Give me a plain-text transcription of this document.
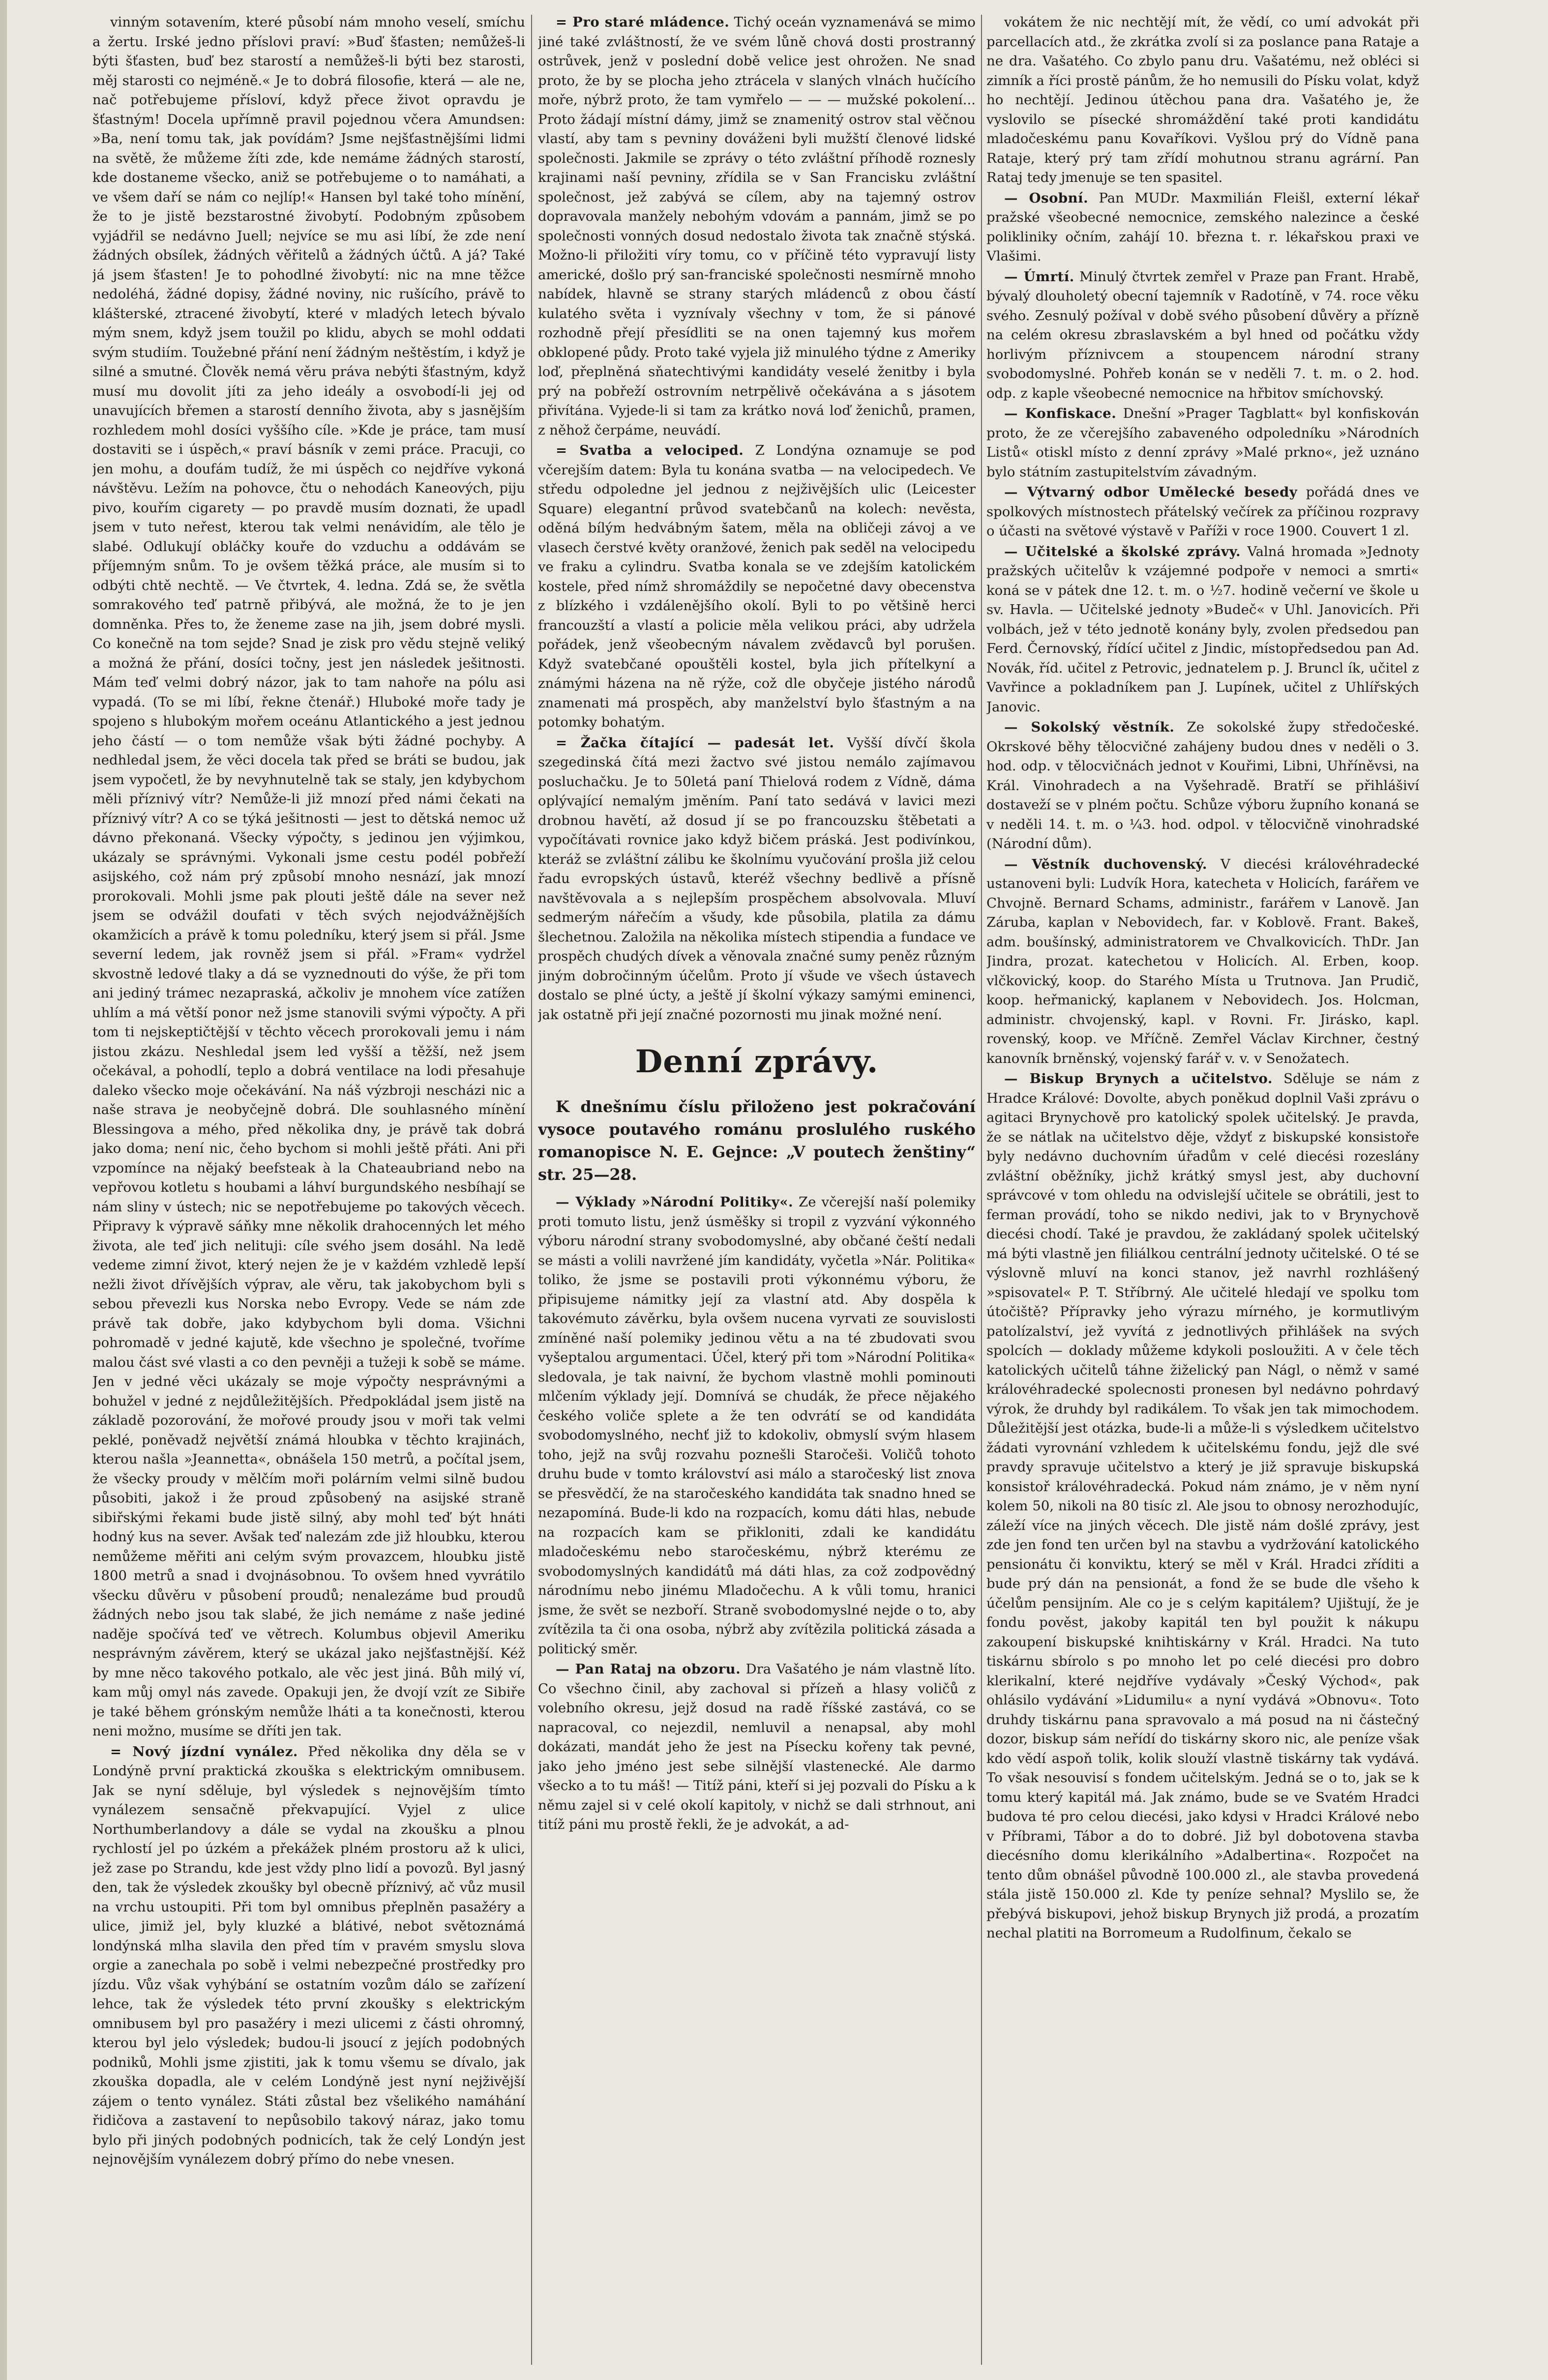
vinným sotavením, které působí nám mnoho veselí, smíchu a žertu. Irské jedno příslovi praví: »Buď šťasten; nemůžeš-li býti šťasten, buď bez starostí a nemůžeš-li býti bez starosti, měj starosti co nejméně.« Je to dobrá filosofie, která — ale ne, nač potřebujeme přísloví, když přece život opravdu je šťastným! Docela upřímně pravil pojednou včera Amundsen: »Ba, není tomu tak, jak povídám? Jsme nejšťastnějšími lidmi na světě, že můžeme žíti zde, kde nemáme žádných starostí, kde dostaneme všecko, aniž se potřebujeme o to namáhati, a ve všem daří se nám co nejlíp!« Hansen byl také toho mínění, že to je jistě bezstarostné živobytí. Podobným způsobem vyjádřil se nedávno Juell; nejvíce se mu asi líbí, že zde není žádných obsílek, žádných věřitelů a žádných účtů. A já? Také já jsem šťasten! Je to pohodlné živobytí: nic na mne těžce nedoléhá, žádné dopisy, žádné noviny, nic rušícího, právě to klášterské, ztracené živobytí, které v mladých letech bývalo mým snem, když jsem toužil po klidu, abych se mohl oddati svým studiím. Toužebné přání není žádným neštěstím, i když je silné a smutné. Člověk nemá věru práva nebýti šťastným, když musí mu dovolit jíti za jeho ideály a osvobodí-li jej od unavujících břemen a starostí denního života, aby s jasnějším rozhledem mohl dosíci vyššího cíle. »Kde je práce, tam musí dostaviti se i úspěch,« praví básník v zemi práce. Pracuji, co jen mohu, a doufám tudíž, že mi úspěch co nejdříve vykoná návštěvu. Ležím na pohovce, čtu o nehodách Kaneových, piju pivo, kouřím cigarety — po pravdě musím doznati, že upadl jsem v tuto neřest, kterou tak velmi nenávidím, ale tělo je slabé. Odlukují obláčky kouře do vzduchu a oddávám se příjemným snům. To je ovšem těžká práce, ale musím si to odbýti chtě nechtě. — Ve čtvrtek, 4. ledna. Zdá se, že světla somrakového teď patrně přibývá, ale možná, že to je jen domněnka. Přes to, že ženeme zase na jih, jsem dobré mysli. Co konečně na tom sejde? Snad je zisk pro vědu stejně veliký a možná že přání, dosíci točny, jest jen následek ješitnosti. Mám teď velmi dobrý názor, jak to tam nahoře na pólu asi vypadá. (To se mi líbí, řekne čtenář.) Hluboké moře tady je spojeno s hlubokým mořem oceánu Atlantického a jest jednou jeho částí — o tom nemůže však býti žádné pochyby. A nedhledal jsem, že věci docela tak před se bráti se budou, jak jsem vypočetl, že by nevyhnutelně tak se staly, jen kdybychom měli příznivý vítr? Nemůže-li již mnozí před námi čekati na příznivý vítr? A co se týká ješitnosti — jest to dětská nemoc už dávno překonaná. Všecky výpočty, s jedinou jen výjimkou, ukázaly se správnými. Vykonali jsme cestu podél pobřeží asijského, což nám prý způsobí mnoho nesnází, jak mnozí prorokovali. Mohli jsme pak plouti ještě dále na sever než jsem se odvážil doufati v těch svých nejodvážnějších okamžicích a právě k tomu poledníku, který jsem si přál. Jsme severní ledem, jak rovněž jsem si přál. »Fram« vydržel skvostně ledové tlaky a dá se vyznednouti do výše, že při tom ani jediný trámec nezapraská, ačkoliv je mnohem více zatížen uhlím a má větší ponor než jsme stanovili svými výpočty. A při tom ti nejskeptičtější v těchto věcech prorokovali jemu i nám jistou zkázu. Neshledal jsem led vyšší a těžší, než jsem očekával, a pohodlí, teplo a dobrá ventilace na lodi přesahuje daleko všecko moje očekávání. Na náš výzbroji nescházi nic a naše strava je neobyčejně dobrá. Dle souhlasného mínění Blessingova a mého, před několika dny, je právě tak dobrá jako doma; není nic, čeho bychom si mohli ještě přáti. Ani při vzpomínce na nějaký beefsteak à la Chateaubriand nebo na vepřovou kotletu s houbami a láhví burgundského nesbíhají se nám sliny v ústech; nic se nepotřebujeme po takových věcech. Připravy k výpravě sáňky mne několik drahocenných let mého života, ale teď jich nelituji: cíle svého jsem dosáhl. Na ledě vedeme zimní život, který nejen že je v každém vzhledě lepší nežli život dřívějších výprav, ale věru, tak jakobychom byli s sebou převezli kus Norska nebo Evropy. Vede se nám zde právě tak dobře, jako kdybychom byli doma. Všichni pohromadě v jedné kajutě, kde všechno je společné, tvoříme malou část své vlasti a co den pevněji a tužeji k sobě se máme. Jen v jedné věci ukázaly se moje výpočty nesprávnými a bohužel v jedné z nejdůležitějších. Předpokládal jsem jistě na základě pozorování, že mořové proudy jsou v moři tak velmi peklé, poněvadž největší známá hloubka v těchto krajinách, kterou našla »Jeannetta«, obnášela 150 metrů, a počítal jsem, že všecky proudy v mělčím moři polárním velmi silně budou působiti, jakož i že proud způsobený na asijské straně sibiřskými řekami bude jistě silný, aby mohl teď být hnáti hodný kus na sever. Avšak teď nalezám zde již hloubku, kterou nemůžeme měřiti ani celým svým provazcem, hloubku jistě 1800 metrů a snad i dvojnásobnou. To ovšem hned vyvrátilo všecku důvěru v působení proudů; nenalezáme bud proudů žádných nebo jsou tak slabé, že jich nemáme z naše jediné naděje spočívá teď ve větrech. Kolumbus objevil Ameriku nesprávným závěrem, který se ukázal jako nejšťastnější. Kéž by mne něco takového potkalo, ale věc jest jiná. Bůh milý ví, kam můj omyl nás zavede. Opakuji jen, že dvojí vzít ze Sibiře je také během grónským nemůže lháti a ta konečnosti, kterou neni možno, musíme se dříti jen tak.

= Nový jízdní vynález. Před několika dny děla se v Londýně první praktická zkouška s elektrickým omnibusem. Jak se nyní sděluje, byl výsledek s nejnovějším tímto vynálezem sensačně překvapující. Vyjel z ulice Northumberlandovy a dále se vydal na zkoušku a plnou rychlostí jel po úzkém a překážek plném prostoru až k ulici, jež zase po Strandu, kde jest vždy plno lidí a povozů. Byl jasný den, tak že výsledek zkoušky byl obecně příznivý, ač vůz musil na vrchu ustoupiti. Při tom byl omnibus přeplněn pasažéry a ulice, jimiž jel, byly kluzké a blátivé, nebot světoznámá londýnská mlha slavila den před tím v pravém smyslu slova orgie a zanechala po sobě i velmi nebezpečné prostředky pro jízdu. Vůz však vyhýbání se ostatním vozům dálo se zařízení lehce, tak že výsledek této první zkoušky s elektrickým omnibusem byl pro pasažéry i mezi ulicemi z části ohromný, kterou byl jelo výsledek; budou-li jsoucí z jejích podobných podniků, Mohli jsme zjistiti, jak k tomu všemu se dívalo, jak zkouška dopadla, ale v celém Londýně jest nyní nejživější zájem o tento vynález. Státi zůstal bez všelikého namáhání řidičova a zastavení to nepůsobilo takový náraz, jako tomu bylo při jiných podobných podnicích, tak že celý Londýn jest nejnovějším vynálezem dobrý přímo do nebe vnesen.

= Pro staré mládence. Tichý oceán vyznamenává se mimo jiné také zvláštností, že ve svém lůně chová dosti prostranný ostrůvek, jenž v poslední době velice jest ohrožen. Ne snad proto, že by se plocha jeho ztrácela v slaných vlnách hučícího moře, nýbrž proto, že tam vymřelo — — — mužské pokolení... Proto žádají místní dámy, jimž se znamenitý ostrov stal věčnou vlastí, aby tam s pevniny dováženi byli mužští členové lidské společnosti. Jakmile se zprávy o této zvláštní příhodě roznesly krajinami naší pevniny, zřídila se v San Francisku zvláštní společnost, jež zabývá se cílem, aby na tajemný ostrov dopravovala manžely nebohým vdovám a pannám, jimž se po společnosti vonných dosud nedostalo života tak značně stýská. Možno-li přiložiti víry tomu, co v příčině této vypravují listy americké, došlo prý san-franciské společnosti nesmírně mnoho nabídek, hlavně se strany starých mládenců z obou částí kulatého světa i vyznívaly všechny v tom, že si pánové rozhodně přejí přesídliti se na onen tajemný kus mořem obklopené půdy. Proto také vyjela již minulého týdne z Ameriky loď, přeplněná sňatechtivými kandidáty veselé ženitby i byla prý na pobřeží ostrovním netrpělivě očekávána a s jásotem přivítána. Vyjede-li si tam za krátko nová loď ženichů, pramen, z něhož čerpáme, neuvádí.

= Svatba a velociped. Z Londýna oznamuje se pod včerejším datem: Byla tu konána svatba — na velocipedech. Ve středu odpoledne jel jednou z nejživějších ulic (Leicester Square) elegantní průvod svatebčanů na kolech: nevěsta, oděná bílým hedvábným šatem, měla na obličeji závoj a ve vlasech čerstvé květy oranžové, ženich pak seděl na velocipedu ve fraku a cylindru. Svatba konala se ve zdejším katolickém kostele, před nímž shromáždily se nepočetné davy obecenstva z blízkého i vzdálenějšího okolí. Byli to po většině herci francouzští a vlastí a policie měla velikou práci, aby udržela pořádek, jenž všeobecným návalem zvědavců byl porušen. Když svatebčané opouštěli kostel, byla jich přítelkyní a známými házena na ně rýže, což dle obyčeje jistého národů znamenati má prospěch, aby manželství bylo šťastným a na potomky bohatým.

= Žačka čítající — padesát let. Vyšší dívčí škola szegedinská čítá mezi žactvo své jistou nemálo zajímavou posluchačku. Je to 50letá paní Thielová rodem z Vídně, dáma oplývající nemalým jměním. Paní tato sedává v lavici mezi drobnou havětí, až dosud jí se po francouzsku štěbetati a vypočítávati rovnice jako když bičem práská. Jest podivínkou, kteráž se zvláštní zálibu ke školnímu vyučování prošla již celou řadu evropských ústavů, kteréž všechny bedlivě a přísně navštěvovala a s nejlepším prospěchem absolvovala. Mluví sedmerým nářečím a všudy, kde působila, platila za dámu šlechetnou. Založila na několika místech stipendia a fundace ve prospěch chudých dívek a věnovala značné sumy peněz různým jiným dobročinným účelům. Proto jí všude ve všech ústavech dostalo se plné úcty, a ještě jí školní výkazy samými eminenci, jak ostatně při její značné pozornosti mu jinak možné není.

Denní zprávy.
K dnešnímu číslu přiloženo jest pokračování vysoce poutavého románu proslulého ruského romanopisce N. E. Gejnce: „V poutech ženštiny“ str. 25—28.

— Výklady »Národní Politiky«. Ze včerejší naší polemiky proti tomuto listu, jenž úsměšky si tropil z vyzvání výkonného výboru národní strany svobodomyslné, aby občané čeští nedali se másti a volili navržené jím kandidáty, vyčetla »Nár. Politika« toliko, že jsme se postavili proti výkonnému výboru, že připisujeme námitky její za vlastní atd. Aby dospěla k takovémuto závěrku, byla ovšem nucena vyrvati ze souvislosti zmíněné naší polemiky jedinou větu a na té zbudovati svou vyšeptalou argumentaci. Účel, který při tom »Národní Politika« sledovala, je tak naivní, že bychom vlastně mohli pominouti mlčením výklady její. Domnívá se chudák, že přece nějakého českého voliče splete a že ten odvrátí se od kandidáta svobodomyslného, nechť již to kdokoliv, obmyslí svým hlasem toho, jejž na svůj rozvahu poznešli Staročeši. Voličů tohoto druhu bude v tomto království asi málo a staročeský list znova se přesvědčí, že na staročeského kandidáta tak snadno hned se nezapomíná. Bude-li kdo na rozpacích, komu dáti hlas, nebude na rozpacích kam se přikloniti, zdali ke kandidátu mladočeskému nebo staročeskému, nýbrž kterému ze svobodomyslných kandidátů má dáti hlas, za což zodpovědný národnímu nebo jinému Mladočechu. A k vůli tomu, hranici jsme, že svět se nezboří. Straně svobodomyslné nejde o to, aby zvítězila ta či ona osoba, nýbrž aby zvítězila politická zásada a politický směr.

— Pan Rataj na obzoru. Dra Vašatého je nám vlastně líto. Co všechno činil, aby zachoval si přízeň a hlasy voličů z volebního okresu, jejž dosud na radě říšské zastává, co se napracoval, co nejezdil, nemluvil a nenapsal, aby mohl dokázati, mandát jeho že jest na Písecku kořeny tak pevné, jako jeho jméno jest sebe silnější vlastenecké. Ale darmo všecko a to tu máš! — Titíž páni, kteří si jej pozvali do Písku a k němu zajel si v celé okolí kapitoly, v nichž se dali strhnout, ani titíž páni mu prostě řekli, že je advokát, a ad-

vokátem že nic nechtějí mít, že vědí, co umí advokát při parcellacích atd., že zkrátka zvolí si za poslance pana Rataje a ne dra. Vašatého. Co zbylo panu dru. Vašatému, než obléci si zimník a říci prostě pánům, že ho nemusili do Písku volat, když ho nechtějí. Jedinou útěchou pana dra. Vašatého je, že vyslovilo se písecké shromáždění také proti kandidátu mladočeskému panu Kovaříkovi. Vyšlou prý do Vídně pana Rataje, který prý tam zřídí mohutnou stranu agrární. Pan Rataj tedy jmenuje se ten spasitel.

— Osobní. Pan MUDr. Maxmilián Fleišl, externí lékař pražské všeobecné nemocnice, zemského nalezince a české polikliniky očním, zahájí 10. března t. r. lékařskou praxi ve Vlašimi.

— Úmrtí. Minulý čtvrtek zemřel v Praze pan Frant. Hrabě, bývalý dlouholetý obecní tajemník v Radotíně, v 74. roce věku svého. Zesnulý požíval v době svého působení důvěry a přízně na celém okresu zbraslavském a byl hned od počátku vždy horlivým příznivcem a stoupencem národní strany svobodomyslné. Pohřeb konán se v neděli 7. t. m. o 2. hod. odp. z kaple všeobecné nemocnice na hřbitov smíchovský.

— Konfiskace. Dnešní »Prager Tagblatt« byl konfiskován proto, že ze včerejšího zabaveného odpoledníku »Národních Listů« otiskl místo z denní zprávy »Malé prkno«, jež uznáno bylo státním zastupitelstvím závadným.

— Výtvarný odbor Umělecké besedy pořádá dnes ve spolkových místnostech přátelský večírek za příčinou rozpravy o účasti na světové výstavě v Paříži v roce 1900. Couvert 1 zl.

— Učitelské a školské zprávy. Valná hromada »Jednoty pražských učitelův k vzájemné podpoře v nemoci a smrti« koná se v pátek dne 12. t. m. o ½7. hodině večerní ve škole u sv. Havla. — Učitelské jednoty »Budeč« v Uhl. Janovicích. Při volbách, jež v této jednotě konány byly, zvolen předsedou pan Ferd. Černovský, řídící učitel z Jindic, místopředsedou pan Ad. Novák, říd. učitel z Petrovic, jednatelem p. J. Bruncl ík, učitel z Vavřince a pokladníkem pan J. Lupínek, učitel z Uhlířských Janovic.

— Sokolský věstník. Ze sokolské župy středočeské. Okrskové běhy tělocvičné zahájeny budou dnes v neděli o 3. hod. odp. v tělocvičnách jednot v Kouřimi, Libni, Uhříněvsi, na Král. Vinohradech a na Vyšehradě. Bratří se přihlášiví dostaveží se v plném počtu. Schůze výboru župního konaná se v neděli 14. t. m. o ¼3. hod. odpol. v tělocvičně vinohradské (Národní dům).

— Věstník duchovenský. V diecési královéhradecké ustanoveni byli: Ludvík Hora, katecheta v Holicích, farářem ve Chvojně. Bernard Schams, administr., farářem v Lanově. Jan Záruba, kaplan v Nebovidech, far. v Koblově. Frant. Bakeš, adm. boušínský, administratorem ve Chvalkovicích. ThDr. Jan Jindra, prozat. katechetou v Holicích. Al. Erben, koop. vlčkovický, koop. do Starého Místa u Trutnova. Jan Prudič, koop. heřmanický, kaplanem v Nebovidech. Jos. Holcman, administr. chvojenský, kapl. v Rovni. Fr. Jirásko, kapl. rovenský, koop. ve Mříčně. Zemřel Václav Kirchner, čestný kanovník brněnský, vojenský farář v. v. v Senožatech.

— Biskup Brynych a učitelstvo. Sděluje se nám z Hradce Králové: Dovolte, abych poněkud doplnil Vaši zprávu o agitaci Brynychově pro katolický spolek učitelský. Je pravda, že se nátlak na učitelstvo děje, vždyť z biskupské konsistoře byly nedávno duchovním úřadům v celé diecési rozeslány zvláštní oběžníky, jichž krátký smysl jest, aby duchovní správcové v tom ohledu na odvislejší učitele se obrátili, jest to ferman provádí, toho se nikdo nedivi, jak to v Brynychově diecési chodí. Také je pravdou, že zakládaný spolek učitelský má býti vlastně jen filiálkou centrální jednoty učitelské. O té se výslovně mluví na konci stanov, jež navrhl rozhlášený »spisovatel« P. T. Stříbrný. Ale učitelé hledají ve spolku tom útočiště? Přípravky jeho výrazu mírného, je kormutlivým patolízalství, jež vyvítá z jednotlivých přihlášek na svých spolcích — doklady můžeme kdykoli posloužiti. A v čele těch katolických učitelů táhne žiželický pan Nágl, o němž v samé královéhradecké spolecnosti pronesen byl nedávno pohrdavý výrok, že druhdy byl radikálem. To však jen tak mimochodem. Důležitější jest otázka, bude-li a může-li s výsledkem učitelstvo žádati vyrovnání vzhledem k učitelskému fondu, jejž dle své pravdy spravuje učitelstvo a který je již spravuje biskupská konsistoř královéhradecká. Pokud nám známo, je v něm nyní kolem 50, nikoli na 80 tisíc zl. Ale jsou to obnosy nerozhodujíc, záleží více na jiných věcech. Dle jistě nám došlé zprávy, jest zde jen fond ten určen byl na stavbu a vydržování katolického pensionátu či konviktu, který se měl v Král. Hradci zříditi a bude prý dán na pensionát, a fond že se bude dle všeho k účelům pensijním. Ale co je s celým kapitálem? Ujištují, že je fondu pověst, jakoby kapitál ten byl použit k nákupu zakoupení biskupské knihtiskárny v Král. Hradci. Na tuto tiskárnu sbírolo s po mnoho let po celé diecési pro dobro klerikalní, které nejdříve vydávaly »Český Východ«, pak ohlásilo vydávání »Lidumilu« a nyní vydává »Obnovu«. Toto druhdy tiskárnu pana spravovalo a má posud na ni částečný dozor, biskup sám neřídí do tiskárny skoro nic, ale peníze však kdo vědí aspoň tolik, kolik slouží vlastně tiskárny tak vydává. To však nesouvisí s fondem učitelským. Jedná se o to, jak se k tomu který kapitál má. Jak známo, bude se ve Svatém Hradci budova té pro celou diecési, jako kdysi v Hradci Králové nebo v Příbrami, Tábor a do to dobré. Již byl dobotovena stavba diecésního domu klerikálního »Adalbertina«. Rozpočet na tento dům obnášel původně 100.000 zl., ale stavba provedená stála jistě 150.000 zl. Kde ty peníze sehnal? Myslilo se, že přebývá biskupovi, jehož biskup Brynych již prodá, a prozatím nechal platiti na Borromeum a Rudolfinum, čekalo se
